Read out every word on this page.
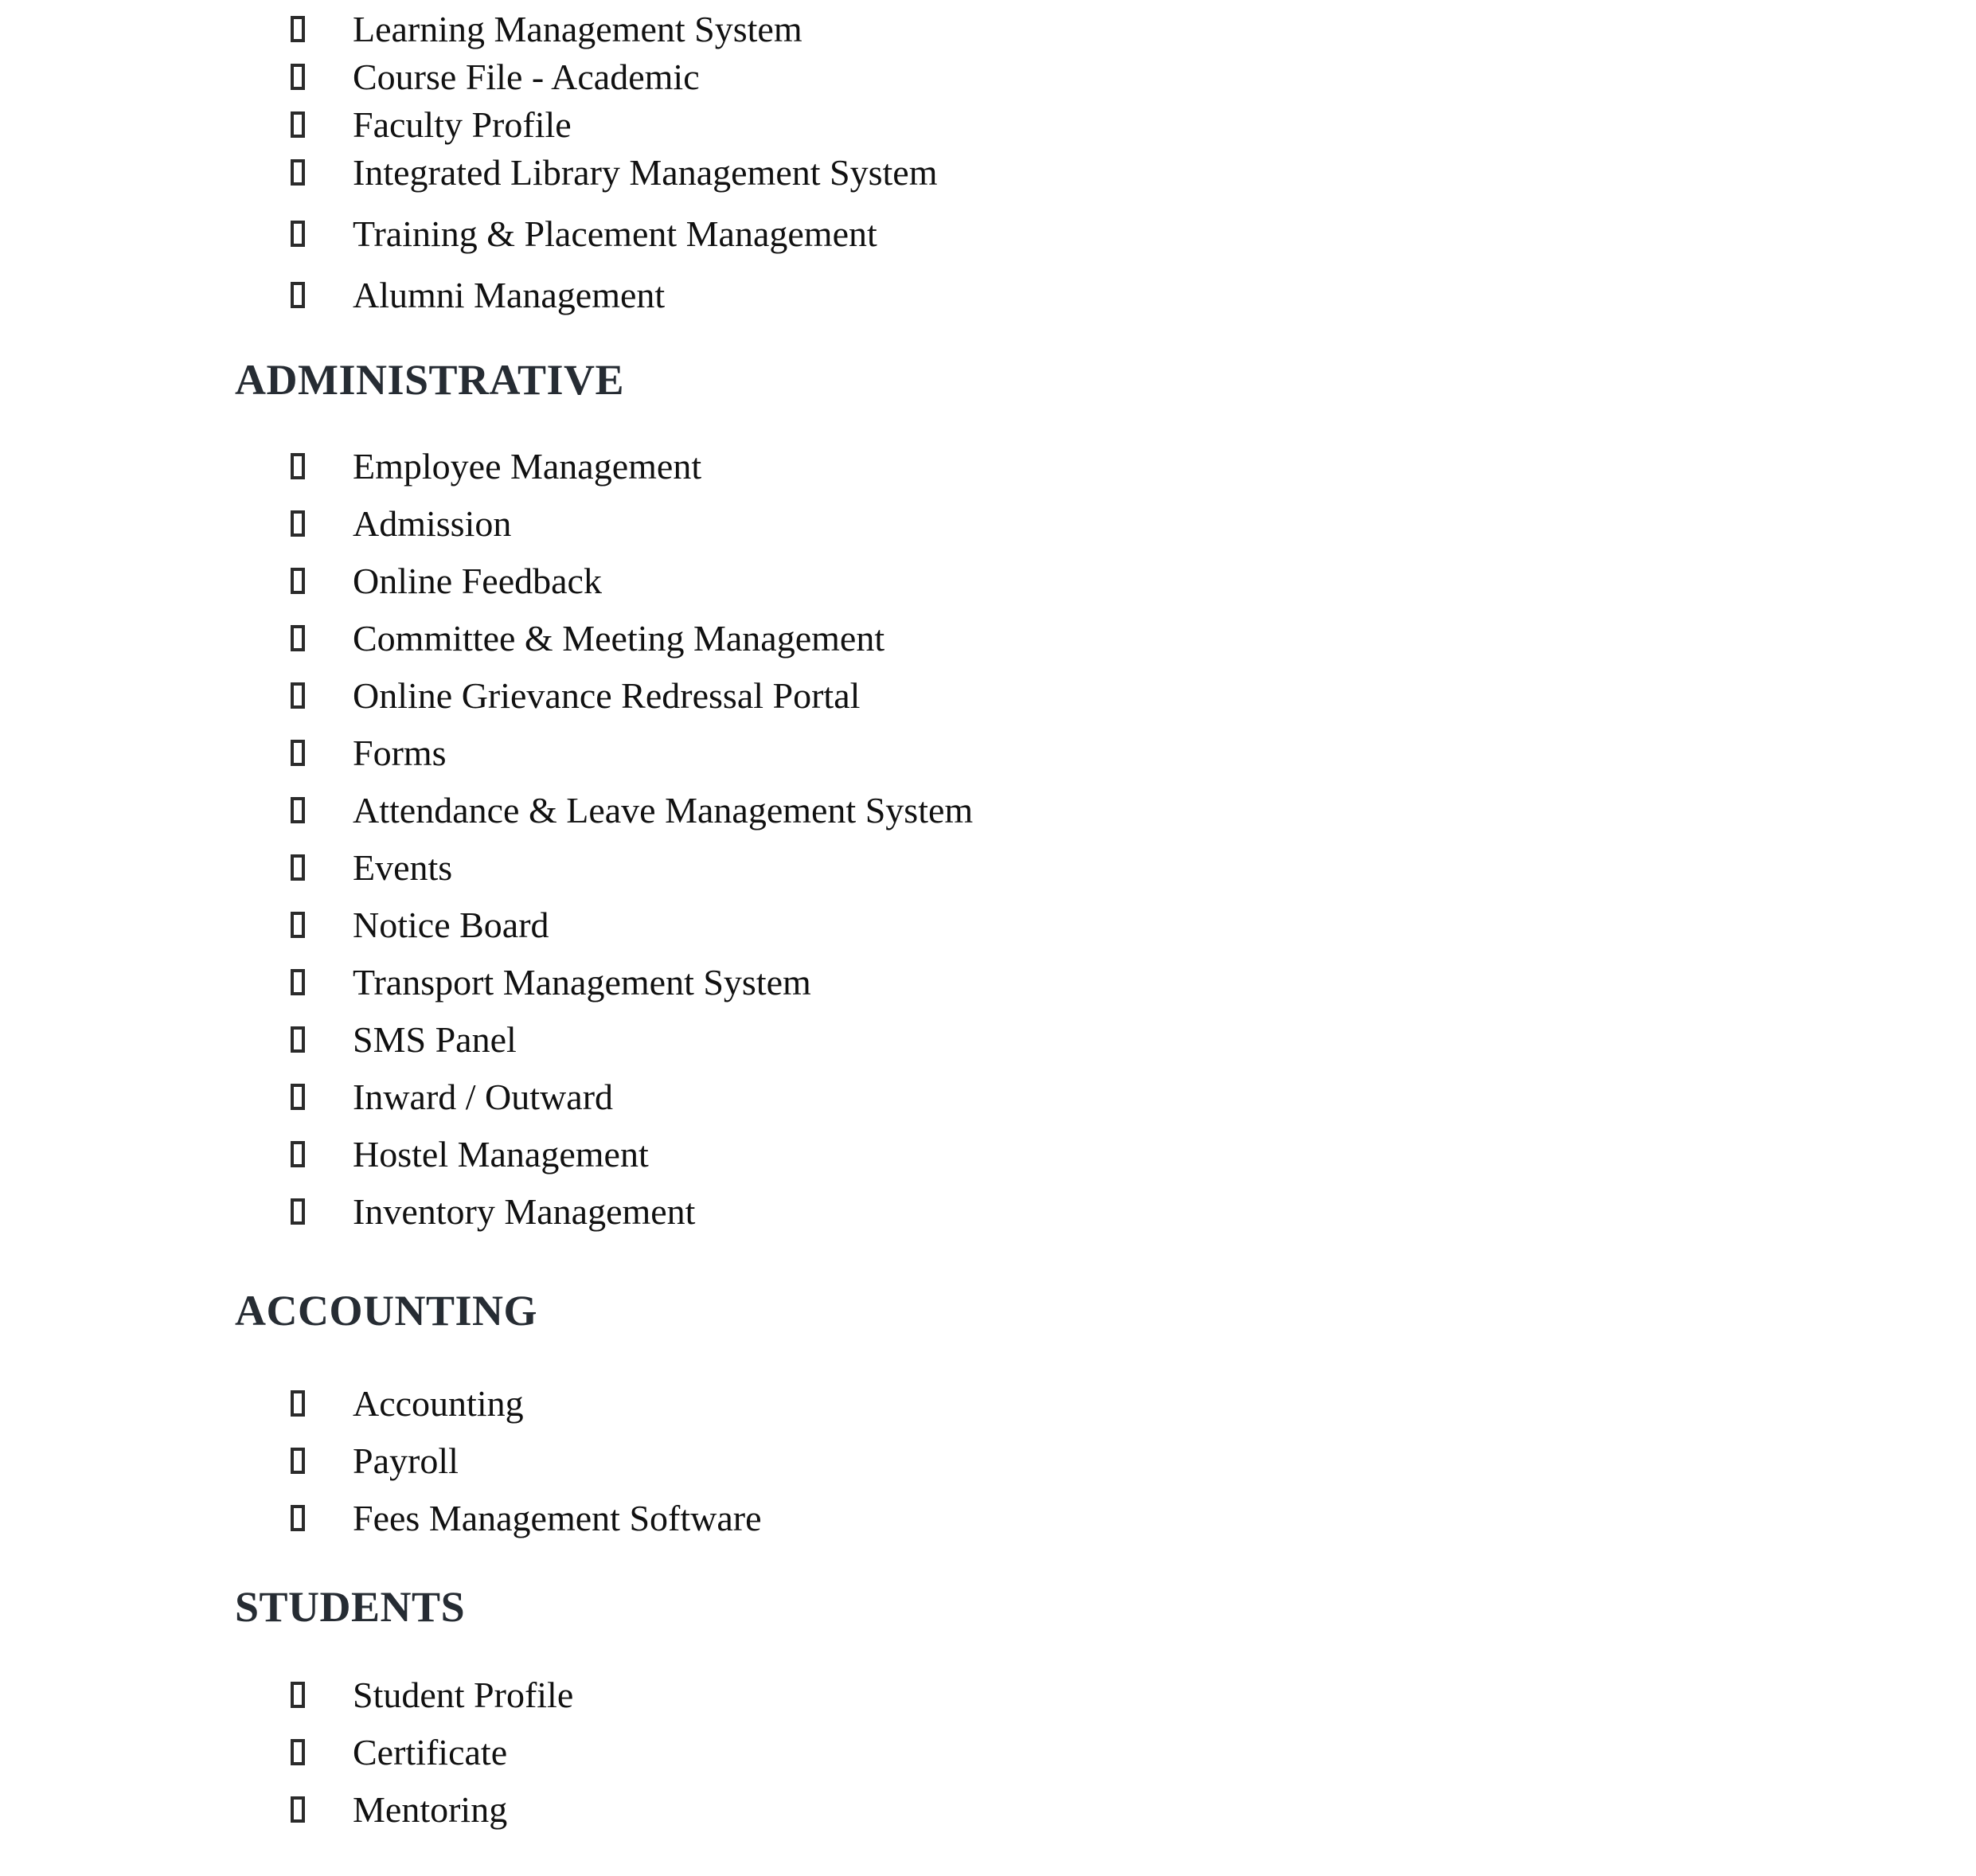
Learning Management System
Course File - Academic
Faculty Profile
Integrated Library Management System
Training & Placement Management
Alumni Management
ADMINISTRATIVE
Employee Management
Admission
Online Feedback
Committee & Meeting Management
Online Grievance Redressal Portal
Forms
Attendance & Leave Management System
Events
Notice Board
Transport Management System
SMS Panel
Inward / Outward
Hostel Management
Inventory Management
ACCOUNTING
Accounting
Payroll
Fees Management Software
STUDENTS
Student Profile
Certificate
Mentoring
